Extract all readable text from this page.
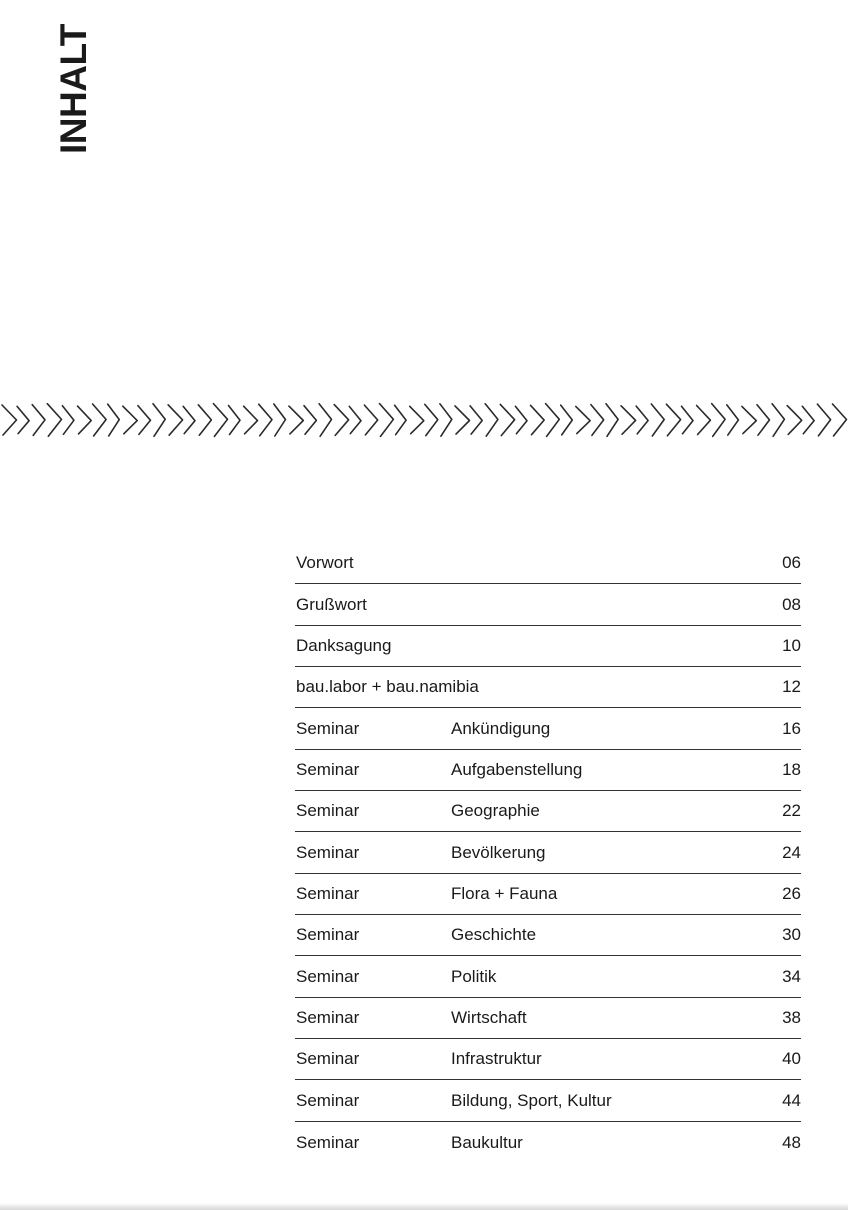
INHALT
Vorwort	06
Grußwort	08
Danksagung	10
bau.labor + bau.namibia	12
Seminar	Ankündigung	16
Seminar	Aufgabenstellung	18
Seminar	Geographie	22
Seminar	Bevölkerung	24
Seminar	Flora + Fauna	26
Seminar	Geschichte	30
Seminar	Politik	34
Seminar	Wirtschaft	38
Seminar	Infrastruktur	40
Seminar	Bildung, Sport, Kultur	44
Seminar	Baukultur	48
